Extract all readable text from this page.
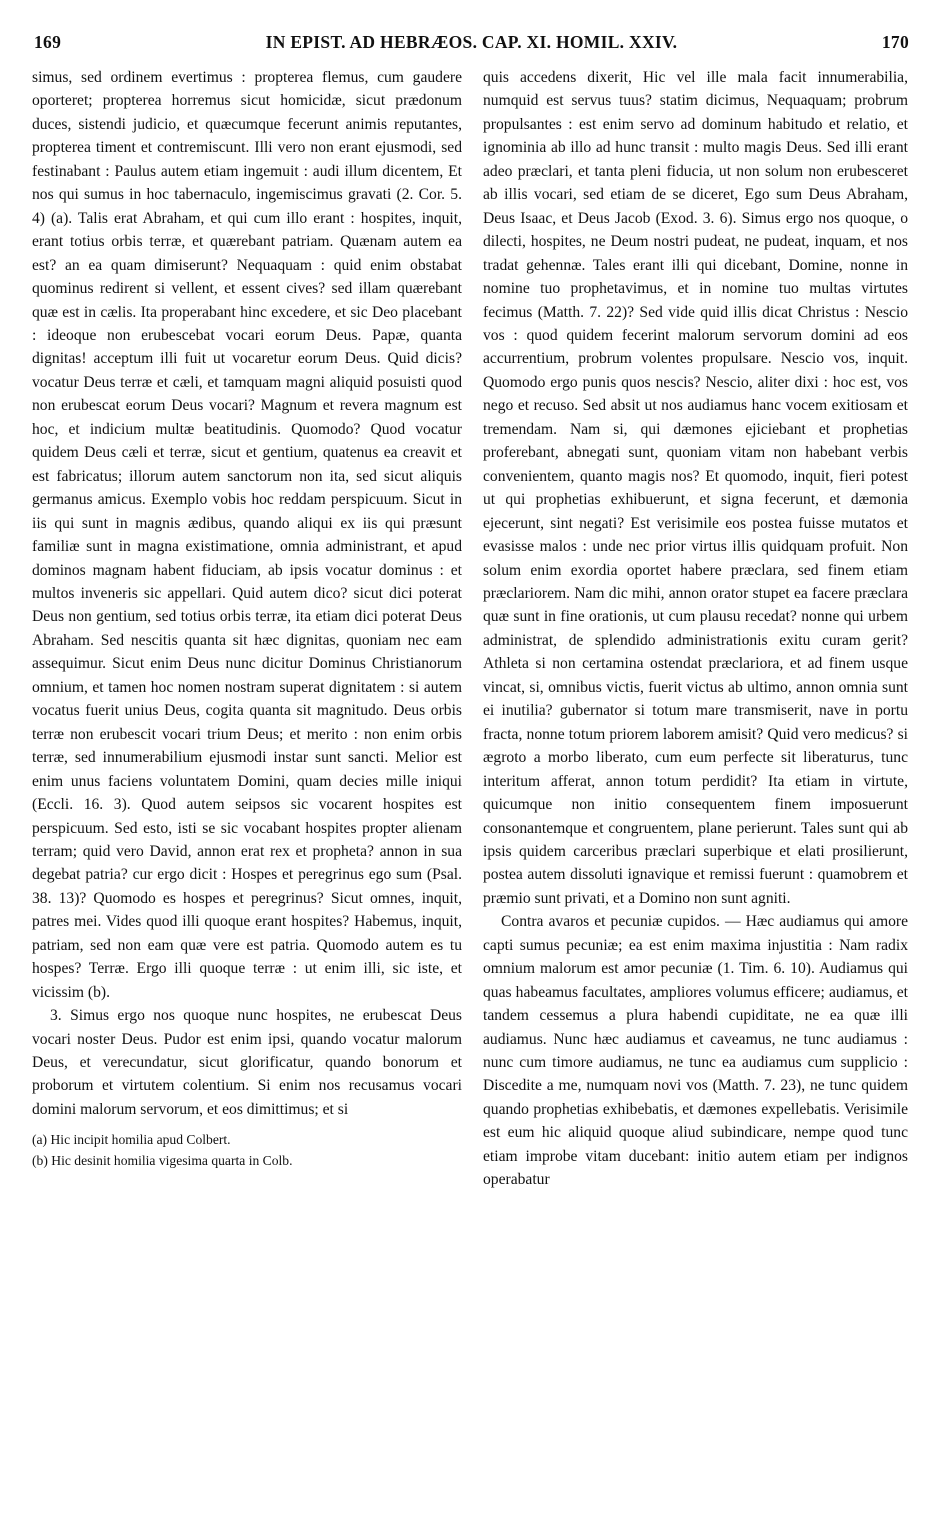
169	IN EPIST. AD HEBRÆOS. CAP. XI. HOMIL. XXIV.	170

simus, sed ordinem evertimus : propterea flemus, cum gaudere oporteret; propterea horremus sicut homicidæ, sicut prædonum duces, sistendi judicio, et quæcumque fecerunt animis reputantes, propterea timent et contremiscunt. Illi vero non erant ejusmodi, sed festinabant : Paulus autem etiam ingemuit : audi illum dicentem, Et nos qui sumus in hoc tabernaculo, ingemiscimus gravati (2. Cor. 5. 4) (a). Talis erat Abraham, et qui cum illo erant : hospites, inquit, erant totius orbis terræ, et quærebant patriam. Quænam autem ea est? an ea quam dimiserunt? Nequaquam : quid enim obstabat quominus redirent si vellent, et essent cives? sed illam quærebant quæ est in cælis. Ita properabant hinc excedere, et sic Deo placebant : ideoque non erubescebat vocari eorum Deus. Papæ, quanta dignitas! acceptum illi fuit ut vocaretur eorum Deus. Quid dicis? vocatur Deus terræ et cæli, et tamquam magni aliquid posuisti quod non erubescat eorum Deus vocari? Magnum et revera magnum est hoc, et indicium multæ beatitudinis. Quomodo? Quod vocatur quidem Deus cæli et terræ, sicut et gentium, quatenus ea creavit et est fabricatus; illorum autem sanctorum non ita, sed sicut aliquis germanus amicus. Exemplo vobis hoc reddam perspicuum. Sicut in iis qui sunt in magnis ædibus, quando aliqui ex iis qui præsunt familiæ sunt in magna existimatione, omnia administrant, et apud dominos magnam habent fiduciam, ab ipsis vocatur dominus : et multos inveneris sic appellari. Quid autem dico? sicut dici poterat Deus non gentium, sed totius orbis terræ, ita etiam dici poterat Deus Abraham. Sed nescitis quanta sit hæc dignitas, quoniam nec eam assequimur. Sicut enim Deus nunc dicitur Dominus Christianorum omnium, et tamen hoc nomen nostram superat dignitatem : si autem vocatus fuerit unius Deus, cogita quanta sit magnitudo. Deus orbis terræ non erubescit vocari trium Deus; et merito : non enim orbis terræ, sed innumerabilium ejusmodi instar sunt sancti. Melior est enim unus faciens voluntatem Domini, quam decies mille iniqui (Eccli. 16. 3). Quod autem seipsos sic vocarent hospites est perspicuum. Sed esto, isti se sic vocabant hospites propter alienam terram; quid vero David, annon erat rex et propheta? annon in sua degebat patria? cur ergo dicit : Hospes et peregrinus ego sum (Psal. 38. 13)? Quomodo es hospes et peregrinus? Sicut omnes, inquit, patres mei. Vides quod illi quoque erant hospites? Habemus, inquit, patriam, sed non eam quæ vere est patria. Quomodo autem es tu hospes? Terræ. Ergo illi quoque terræ : ut enim illi, sic iste, et vicissim (b).

3. Simus ergo nos quoque nunc hospites, ne erubescat Deus vocari noster Deus. Pudor est enim ipsi, quando vocatur malorum Deus, et verecundatur, sicut glorificatur, quando bonorum et proborum et virtutem colentium. Si enim nos recusamus vocari domini malorum servorum, et eos dimittimus; et si

(a) Hic incipit homilia apud Colbert.

(b) Hic desinit homilia vigesima quarta in Colb.

quis accedens dixerit, Hic vel ille mala facit innumerabilia, numquid est servus tuus? statim dicimus, Nequaquam; probrum propulsantes : est enim servo ad dominum habitudo et relatio, et ignominia ab illo ad hunc transit : multo magis Deus. Sed illi erant adeo præclari, et tanta pleni fiducia, ut non solum non erubesceret ab illis vocari, sed etiam de se diceret, Ego sum Deus Abraham, Deus Isaac, et Deus Jacob (Exod. 3. 6). Simus ergo nos quoque, o dilecti, hospites, ne Deum nostri pudeat, ne pudeat, inquam, et nos tradat gehennæ. Tales erant illi qui dicebant, Domine, nonne in nomine tuo prophetavimus, et in nomine tuo multas virtutes fecimus (Matth. 7. 22)? Sed vide quid illis dicat Christus : Nescio vos : quod quidem fecerint malorum servorum domini ad eos accurrentium, probrum volentes propulsare. Nescio vos, inquit. Quomodo ergo punis quos nescis? Nescio, aliter dixi : hoc est, vos nego et recuso. Sed absit ut nos audiamus hanc vocem exitiosam et tremendam. Nam si, qui dæmones ejiciebant et prophetias proferebant, abnegati sunt, quoniam vitam non habebant verbis convenientem, quanto magis nos? Et quomodo, inquit, fieri potest ut qui prophetias exhibuerunt, et signa fecerunt, et dæmonia ejecerunt, sint negati? Est verisimile eos postea fuisse mutatos et evasisse malos : unde nec prior virtus illis quidquam profuit. Non solum enim exordia oportet habere præclara, sed finem etiam præclariorem. Nam dic mihi, annon orator stupet ea facere præclara quæ sunt in fine orationis, ut cum plausu recedat? nonne qui urbem administrat, de splendido administrationis exitu curam gerit? Athleta si non certamina ostendat præclariora, et ad finem usque vincat, si, omnibus victis, fuerit victus ab ultimo, annon omnia sunt ei inutilia? gubernator si totum mare transmiserit, nave in portu fracta, nonne totum priorem laborem amisit? Quid vero medicus? si ægroto a morbo liberato, cum eum perfecte sit liberaturus, tunc interitum afferat, annon totum perdidit? Ita etiam in virtute, quicumque non initio consequentem finem imposuerunt consonantemque et congruentem, plane perierunt. Tales sunt qui ab ipsis quidem carceribus præclari superbique et elati prosilierunt, postea autem dissoluti ignavique et remissi fuerunt : quamobrem et præmio sunt privati, et a Domino non sunt agniti.

Contra avaros et pecuniæ cupidos. — Hæc audiamus qui amore capti sumus pecuniæ; ea est enim maxima injustitia : Nam radix omnium malorum est amor pecuniæ (1. Tim. 6. 10). Audiamus qui quas habeamus facultates, ampliores volumus efficere; audiamus, et tandem cessemus a plura habendi cupiditate, ne ea quæ illi audiamus. Nunc hæc audiamus et caveamus, ne tunc audiamus : nunc cum timore audiamus, ne tunc ea audiamus cum supplicio : Discedite a me, numquam novi vos (Matth. 7. 23), ne tunc quidem quando prophetias exhibebatis, et dæmones expellebatis. Verisimile est eum hic aliquid quoque aliud subindicare, nempe quod tunc etiam improbe vitam ducebant: initio autem etiam per indignos operabatur
